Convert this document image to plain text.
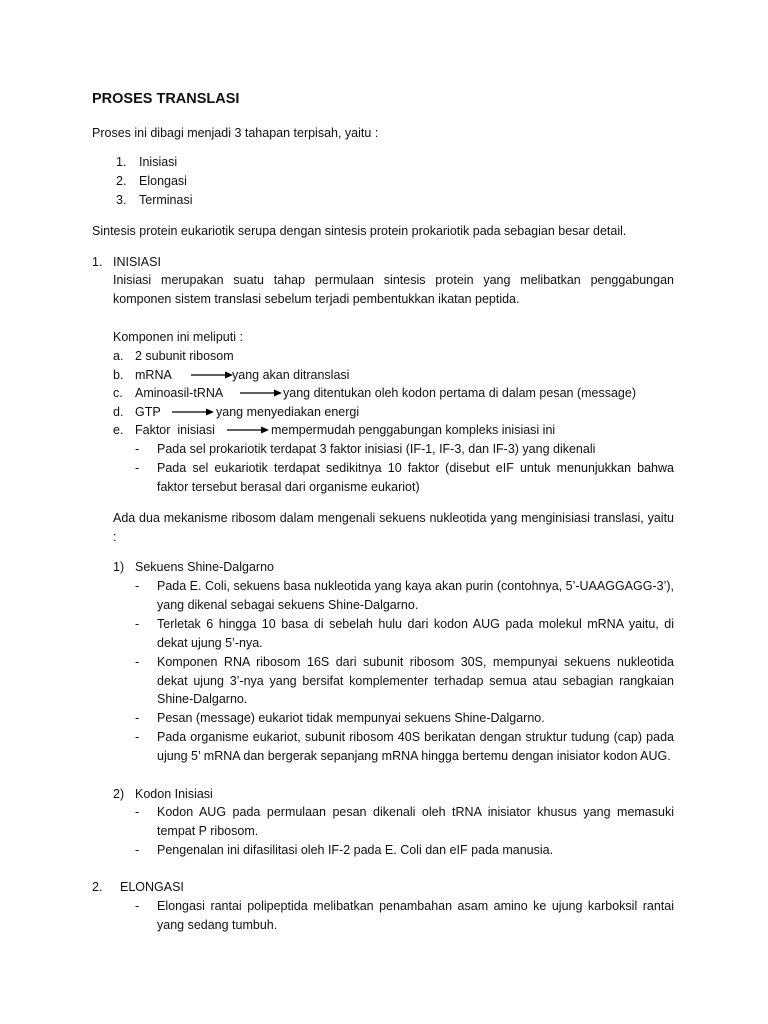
PROSES TRANSLASI
Proses ini dibagi menjadi 3 tahapan terpisah, yaitu :
1. Inisiasi
2. Elongasi
3. Terminasi
Sintesis protein eukariotik serupa dengan sintesis protein prokariotik pada sebagian besar detail.
1. INISIASI

Inisiasi merupakan suatu tahap permulaan sintesis protein yang melibatkan penggabungan komponen sistem translasi sebelum terjadi pembentukkan ikatan peptida.

Komponen ini meliputi :
a. 2 subunit ribosom
b. mRNA	yang akan ditranslasi
c. Aminoasil-tRNA	yang ditentukan oleh kodon pertama di dalam pesan (message)
d. GTP	yang menyediakan energi
e. Faktor  inisiasi	mempermudah penggabungan kompleks inisiasi ini
- Pada sel prokariotik terdapat 3 faktor inisiasi (IF-1, IF-3, dan IF-3) yang dikenali

- Pada sel eukariotik terdapat sedikitnya 10 faktor (disebut eIF untuk menunjukkan bahwa faktor tersebut berasal dari organisme eukariot)

Ada dua mekanisme ribosom dalam mengenali sekuens nukleotida yang menginisiasi translasi, yaitu :

1) Sekuens Shine-Dalgarno
- Pada E. Coli, sekuens basa nukleotida yang kaya akan purin (contohnya, 5’-UAAGGAGG-3’), yang dikenal sebagai sekuens Shine-Dalgarno.

- Terletak 6 hingga 10 basa di sebelah hulu dari kodon AUG pada molekul mRNA yaitu, di dekat ujung 5’-nya.

- Komponen RNA ribosom 16S dari subunit ribosom 30S, mempunyai sekuens nukleotida dekat ujung 3’-nya yang bersifat komplementer terhadap semua atau sebagian rangkaian Shine-Dalgarno.

- Pesan (message) eukariot tidak mempunyai sekuens Shine-Dalgarno.

- Pada organisme eukariot, subunit ribosom 40S berikatan dengan struktur tudung (cap) pada ujung 5’ mRNA dan bergerak sepanjang mRNA hingga bertemu dengan inisiator kodon AUG.

2) Kodon Inisiasi
- Kodon AUG pada permulaan pesan dikenali oleh tRNA inisiator khusus yang memasuki tempat P ribosom.

- Pengenalan ini difasilitasi oleh IF-2 pada E. Coli dan eIF pada manusia.

2. ELONGASI
- Elongasi rantai polipeptida melibatkan penambahan asam amino ke ujung karboksil rantai yang sedang tumbuh.
